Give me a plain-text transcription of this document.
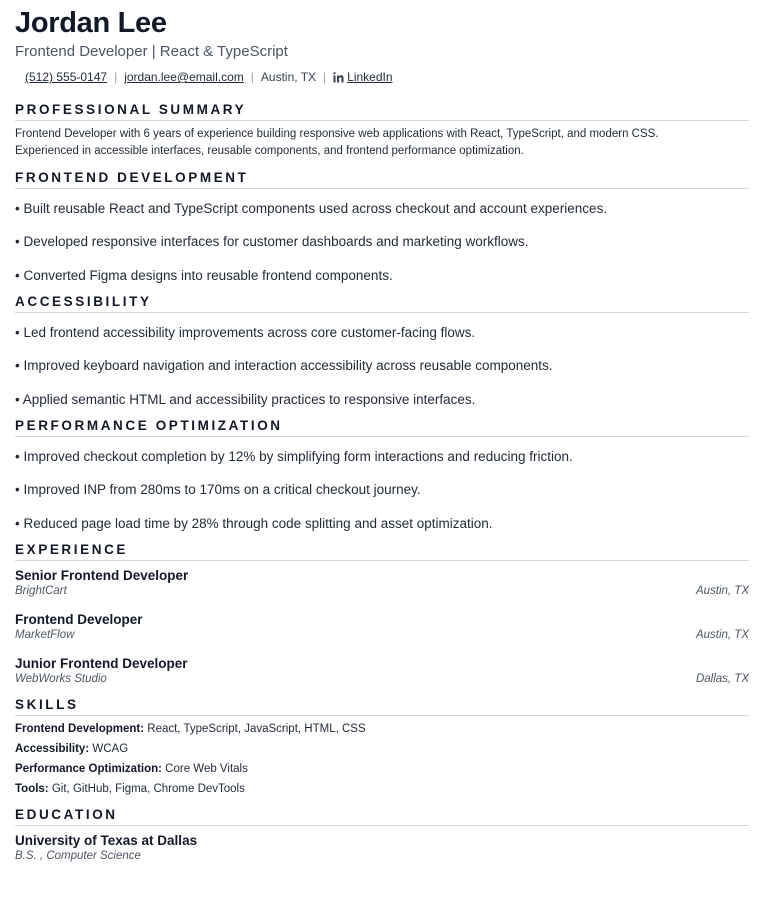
Jordan Lee
Frontend Developer | React & TypeScript
(512) 555-0147 | jordan.lee@email.com | Austin, TX | LinkedIn
PROFESSIONAL SUMMARY
Frontend Developer with 6 years of experience building responsive web applications with React, TypeScript, and modern CSS.
Experienced in accessible interfaces, reusable components, and frontend performance optimization.
FRONTEND DEVELOPMENT
• Built reusable React and TypeScript components used across checkout and account experiences.
• Developed responsive interfaces for customer dashboards and marketing workflows.
• Converted Figma designs into reusable frontend components.
ACCESSIBILITY
• Led frontend accessibility improvements across core customer-facing flows.
• Improved keyboard navigation and interaction accessibility across reusable components.
• Applied semantic HTML and accessibility practices to responsive interfaces.
PERFORMANCE OPTIMIZATION
• Improved checkout completion by 12% by simplifying form interactions and reducing friction.
• Improved INP from 280ms to 170ms on a critical checkout journey.
• Reduced page load time by 28% through code splitting and asset optimization.
EXPERIENCE
Senior Frontend Developer
BrightCart	Austin, TX
Frontend Developer
MarketFlow	Austin, TX
Junior Frontend Developer
WebWorks Studio	Dallas, TX
SKILLS
Frontend Development: React, TypeScript, JavaScript, HTML, CSS
Accessibility: WCAG
Performance Optimization: Core Web Vitals
Tools: Git, GitHub, Figma, Chrome DevTools
EDUCATION
University of Texas at Dallas
B.S. , Computer Science
